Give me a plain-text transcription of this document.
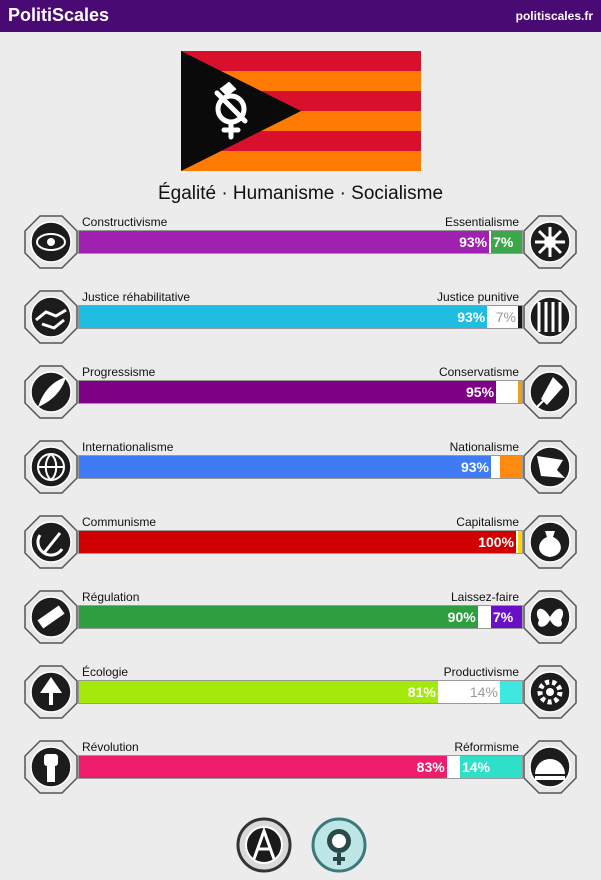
PolitiScales	politiscales.fr
Égalité · Humanisme · Socialisme
Constructivisme	Essentialisme
93% 7%
Justice réhabilitative	Justice punitive
93% 7%
Progressisme	Conservatisme
95%
Internationalisme	Nationalisme
93%
Communisme	Capitalisme
100%
Régulation	Laissez-faire
90% 7%
Écologie	Productivisme
81%	14%
Révolution	Réformisme
83% 14%
